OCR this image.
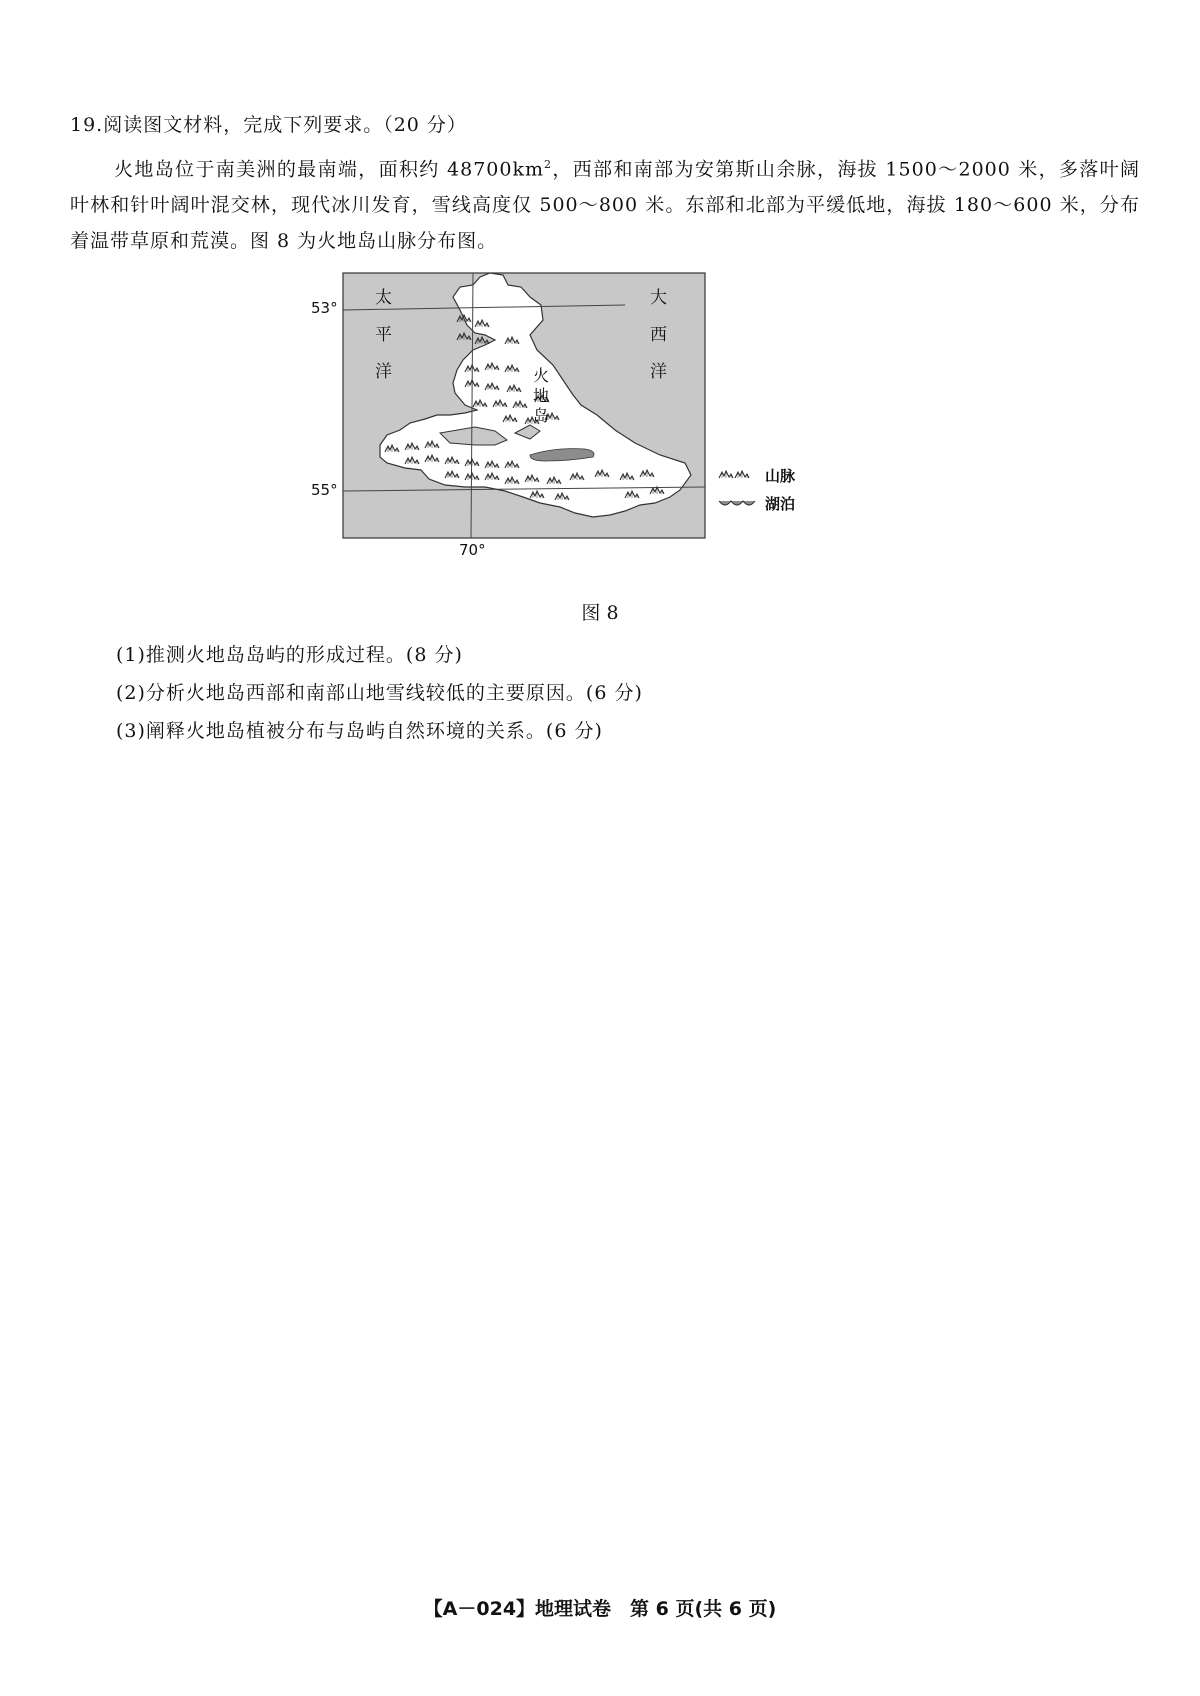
19.阅读图文材料，完成下列要求。（20 分）
火地岛位于南美洲的最南端，面积约 $48700km^2$，西部和南部为安第斯山余脉，海拔 1500～2000 米，多落叶阔叶林和针叶阔叶混交林，现代冰川发育，雪线高度仅 500～800 米。东部和北部为平缓低地，海拔 180～600 米，分布着温带草原和荒漠。图 8 为火地岛山脉分布图。
53°
55°
70°
太
平
洋
大
西
洋
火
地
岛
山脉
湖泊
图 8
(1)推测火地岛岛屿的形成过程。(8 分)
(2)分析火地岛西部和南部山地雪线较低的主要原因。(6 分)
(3)阐释火地岛植被分布与岛屿自然环境的关系。(6 分)
【A－024】地理试卷　第 6 页(共 6 页)
